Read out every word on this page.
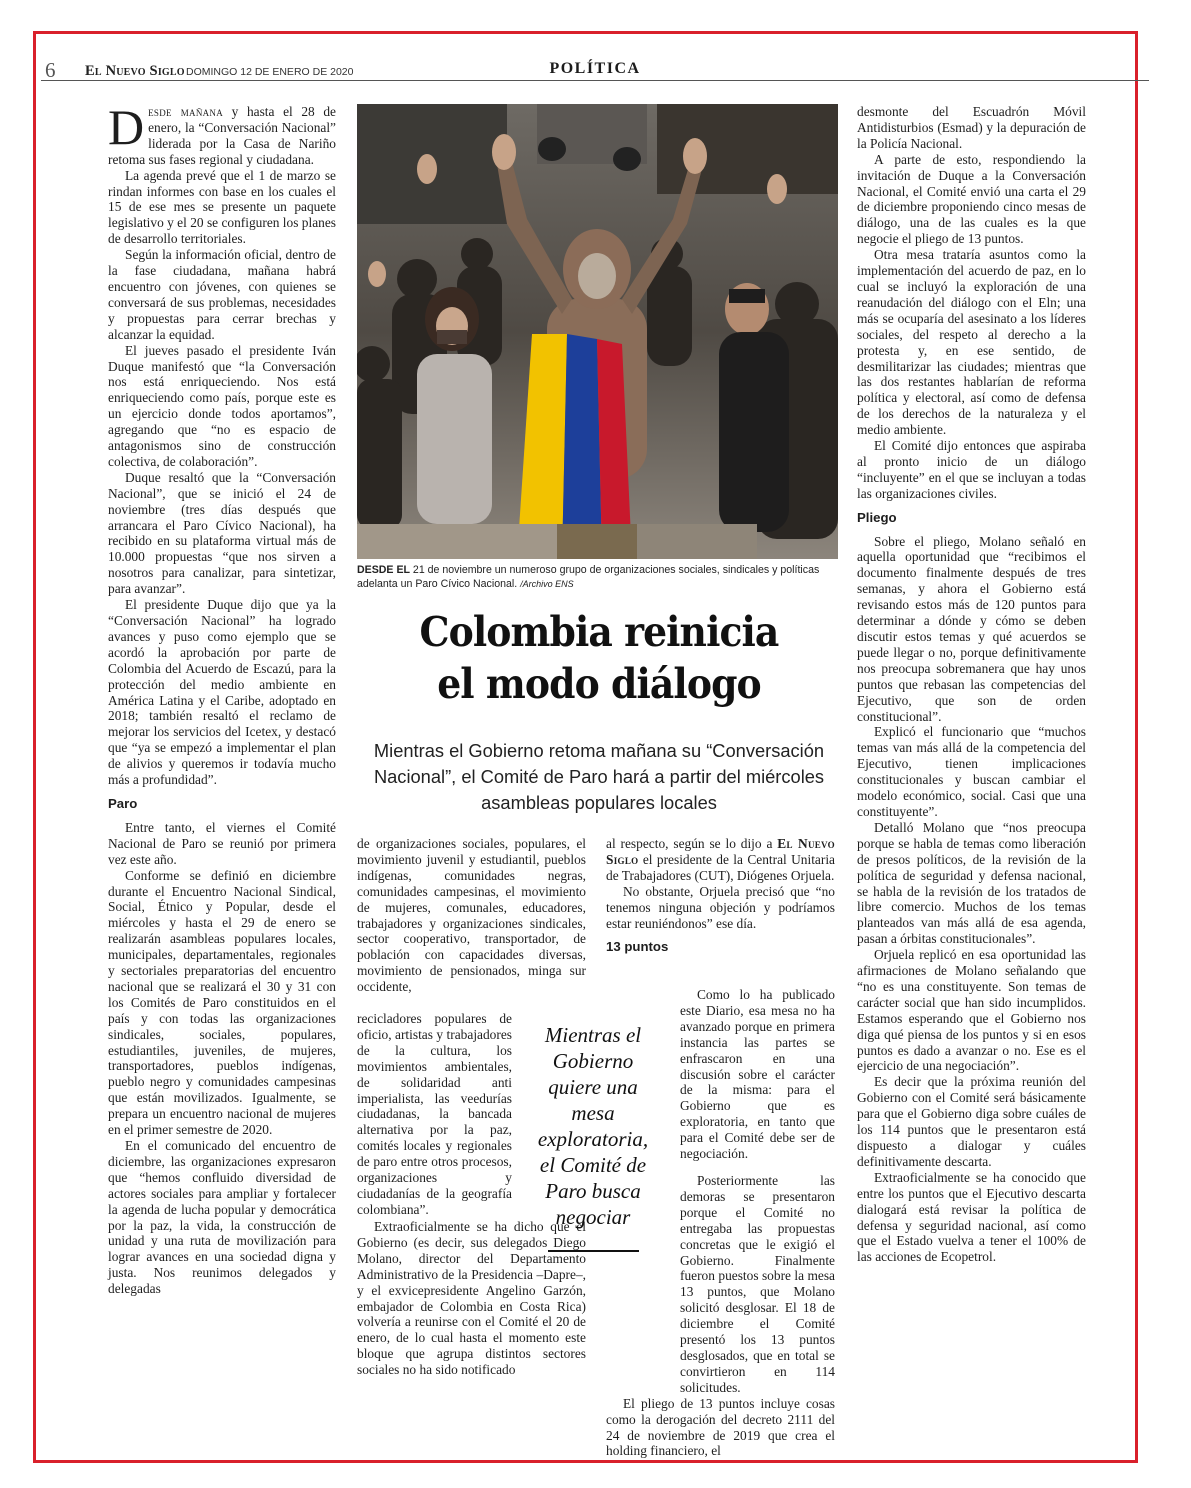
6 El Nuevo Siglo DOMINGO 12 DE ENERO DE 2020	POLÍTICA

Desde mañana y hasta el 28 de enero, la “Conversación Nacional” liderada por la Casa de Nariño retoma sus fases regional y ciudadana.

La agenda prevé que el 1 de marzo se rindan informes con base en los cuales el 15 de ese mes se presente un paquete legislativo y el 20 se configuren los planes de desarrollo territoriales.

Según la información oficial, dentro de la fase ciudadana, mañana habrá encuentro con jóvenes, con quienes se conversará de sus problemas, necesidades y propuestas para cerrar brechas y alcanzar la equidad.

El jueves pasado el presidente Iván Duque manifestó que “la Conversación nos está enriqueciendo. Nos está enriqueciendo como país, porque este es un ejercicio donde todos aportamos”, agregando que “no es espacio de antagonismos sino de construcción colectiva, de colaboración”.

Duque resaltó que la “Conversación Nacional”, que se inició el 24 de noviembre (tres días después que arrancara el Paro Cívico Nacional), ha recibido en su plataforma virtual más de 10.000 propuestas “que nos sirven a nosotros para canalizar, para sintetizar, para avanzar”.

El presidente Duque dijo que ya la “Conversación Nacional” ha logrado avances y puso como ejemplo que se acordó la aprobación por parte de Colombia del Acuerdo de Escazú, para la protección del medio ambiente en América Latina y el Caribe, adoptado en 2018; también resaltó el reclamo de mejorar los servicios del Icetex, y destacó que “ya se empezó a implementar el plan de alivios y queremos ir todavía mucho más a profundidad”.

Paro

Entre tanto, el viernes el Comité Nacional de Paro se reunió por primera vez este año.

Conforme se definió en diciembre durante el Encuentro Nacional Sindical, Social, Étnico y Popular, desde el miércoles y hasta el 29 de enero se realizarán asambleas populares locales, municipales, departamentales, regionales y sectoriales preparatorias del encuentro nacional que se realizará el 30 y 31 con los Comités de Paro constituidos en el país y con todas las organizaciones sindicales, sociales, populares, estudiantiles, juveniles, de mujeres, transportadores, pueblos indígenas, pueblo negro y comunidades campesinas que están movilizados. Igualmente, se prepara un encuentro nacional de mujeres en el primer semestre de 2020.

En el comunicado del encuentro de diciembre, las organizaciones expresaron que “hemos confluido diversidad de actores sociales para ampliar y fortalecer la agenda de lucha popular y democrática por la paz, la vida, la construcción de unidad y una ruta de movilización para lograr avances en una sociedad digna y justa. Nos reunimos delegados y delegadas

DESDE EL 21 de noviembre un numeroso grupo de organizaciones sociales, sindicales y políticas adelanta un Paro Cívico Nacional. /Archivo ENS
Colombia reinicia
el modo diálogo
Mientras el Gobierno retoma mañana su “Conversación Nacional”, el Comité de Paro hará a partir del miércoles asambleas populares locales

de organizaciones sociales, populares, el movimiento juvenil y estudiantil, pueblos indígenas, comunidades negras, comunidades campesinas, el movimiento de mujeres, comunales, educadores, trabajadores y organizaciones sindicales, sector cooperativo, transportador, de población con capacidades diversas, movimiento de pensionados, minga sur occidente,

recicladores populares de oficio, artistas y trabajadores de la cultura, los movimientos ambientales, de solidaridad anti imperialista, las veedurías ciudadanas, la bancada alternativa por la paz, comités locales y regionales de paro entre otros procesos, organizaciones y ciudadanías de la geografía colombiana”.

Extraoficialmente se ha dicho que el Gobierno (es decir, sus delegados Diego Molano, director del Departamento Administrativo de la Presidencia –Dapre–, y el exvicepresidente Angelino Garzón, embajador de Colombia en Costa Rica) volvería a reunirse con el Comité el 20 de enero, de lo cual hasta el momento este bloque que agrupa distintos sectores sociales no ha sido notificado

Mientras el Gobierno quiere una mesa exploratoria, el Comité de Paro busca negociar

al respecto, según se lo dijo a El Nuevo Siglo el presidente de la Central Unitaria de Trabajadores (CUT), Diógenes Orjuela.

No obstante, Orjuela precisó que “no tenemos ninguna objeción y podríamos estar reuniéndonos” ese día.

13 puntos

Como lo ha publicado este Diario, esa mesa no ha avanzado porque en primera instancia las partes se enfrascaron en una discusión sobre el carácter de la misma: para el Gobierno que es exploratoria, en tanto que para el Comité debe ser de negociación.

Posteriormente las demoras se presentaron porque el Comité no entregaba las propuestas concretas que le exigió el Gobierno. Finalmente fueron puestos sobre la mesa 13 puntos, que Molano solicitó desglosar. El 18 de diciembre el Comité presentó los 13 puntos desglosados, que en total se convirtieron en 114 solicitudes.

El pliego de 13 puntos incluye cosas como la derogación del decreto 2111 del 24 de noviembre de 2019 que crea el holding financiero, el

desmonte del Escuadrón Móvil Antidisturbios (Esmad) y la depuración de la Policía Nacional.

A parte de esto, respondiendo la invitación de Duque a la Conversación Nacional, el Comité envió una carta el 29 de diciembre proponiendo cinco mesas de diálogo, una de las cuales es la que negocie el pliego de 13 puntos.

Otra mesa trataría asuntos como la implementación del acuerdo de paz, en lo cual se incluyó la exploración de una reanudación del diálogo con el Eln; una más se ocuparía del asesinato a los líderes sociales, del respeto al derecho a la protesta y, en ese sentido, de desmilitarizar las ciudades; mientras que las dos restantes hablarían de reforma política y electoral, así como de defensa de los derechos de la naturaleza y el medio ambiente.

El Comité dijo entonces que aspiraba al pronto inicio de un diálogo “incluyente” en el que se incluyan a todas las organizaciones civiles.

Pliego

Sobre el pliego, Molano señaló en aquella oportunidad que “recibimos el documento finalmente después de tres semanas, y ahora el Gobierno está revisando estos más de 120 puntos para determinar a dónde y cómo se deben discutir estos temas y qué acuerdos se puede llegar o no, porque definitivamente nos preocupa sobremanera que hay unos puntos que rebasan las competencias del Ejecutivo, que son de orden constitucional”.

Explicó el funcionario que “muchos temas van más allá de la competencia del Ejecutivo, tienen implicaciones constitucionales y buscan cambiar el modelo económico, social. Casi que una constituyente”.

Detalló Molano que “nos preocupa porque se habla de temas como liberación de presos políticos, de la revisión de la política de seguridad y defensa nacional, se habla de la revisión de los tratados de libre comercio. Muchos de los temas planteados van más allá de esa agenda, pasan a órbitas constitucionales”.

Orjuela replicó en esa oportunidad las afirmaciones de Molano señalando que “no es una constituyente. Son temas de carácter social que han sido incumplidos. Estamos esperando que el Gobierno nos diga qué piensa de los puntos y si en esos puntos es dado a avanzar o no. Ese es el ejercicio de una negociación”.

Es decir que la próxima reunión del Gobierno con el Comité será básicamente para que el Gobierno diga sobre cuáles de los 114 puntos que le presentaron está dispuesto a dialogar y cuáles definitivamente descarta.

Extraoficialmente se ha conocido que entre los puntos que el Ejecutivo descarta dialogará está revisar la política de defensa y seguridad nacional, así como que el Estado vuelva a tener el 100% de las acciones de Ecopetrol.
